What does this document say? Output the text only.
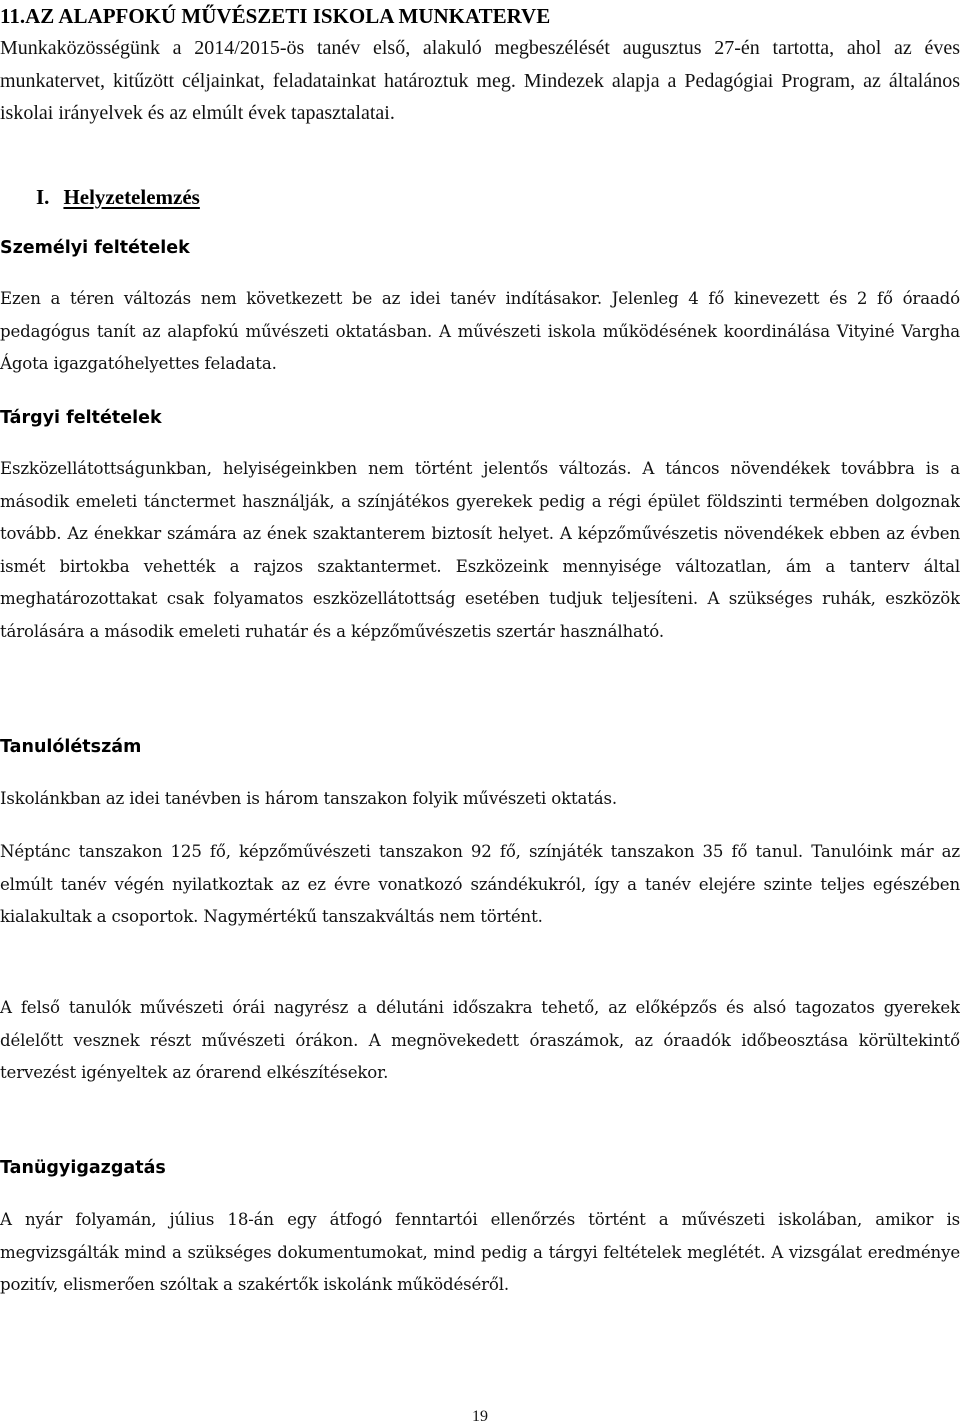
11.AZ ALAPFOKÚ MŰVÉSZETI ISKOLA MUNKATERVE

Munkaközösségünk a 2014/2015-ös tanév első, alakuló megbeszélését augusztus 27-én tartotta, ahol az éves munkatervet, kitűzött céljainkat, feladatainkat határoztuk meg. Mindezek alapja a Pedagógiai Program, az általános iskolai irányelvek és az elmúlt évek tapasztalatai.

I. Helyzetelemzés
Személyi feltételek

Ezen a téren változás nem következett be az idei tanév indításakor. Jelenleg 4 fő kinevezett és 2 fő óraadó pedagógus tanít az alapfokú művészeti oktatásban. A művészeti iskola működésének koordinálása Vityiné Vargha Ágota igazgatóhelyettes feladata.

Tárgyi feltételek

Eszközellátottságunkban, helyiségeinkben nem történt jelentős változás. A táncos növendékek továbbra is a második emeleti tánctermet használják, a színjátékos gyerekek pedig a régi épület földszinti termében dolgoznak tovább. Az énekkar számára az ének szaktanterem biztosít helyet. A képzőművészetis növendékek ebben az évben ismét birtokba vehették a rajzos szaktantermet. Eszközeink mennyisége változatlan, ám a tanterv által meghatározottakat csak folyamatos eszközellátottság esetében tudjuk teljesíteni. A szükséges ruhák, eszközök tárolására a második emeleti ruhatár és a képzőművészetis szertár használható.

Tanulólétszám

Iskolánkban az idei tanévben is három tanszakon folyik művészeti oktatás.

Néptánc tanszakon 125 fő, képzőművészeti tanszakon 92 fő, színjáték tanszakon 35 fő tanul. Tanulóink már az elmúlt tanév végén nyilatkoztak az ez évre vonatkozó szándékukról, így a tanév elejére szinte teljes egészében kialakultak a csoportok. Nagymértékű tanszakváltás nem történt.

A felső tanulók művészeti órái nagyrész a délutáni időszakra tehető, az előképzős és alsó tagozatos gyerekek délelőtt vesznek részt művészeti órákon. A megnövekedett óraszámok, az óraadók időbeosztása körültekintő tervezést igényeltek az órarend elkészítésekor.

Tanügyigazgatás

A nyár folyamán, július 18-án egy átfogó fenntartói ellenőrzés történt a művészeti iskolában, amikor is megvizsgálták mind a szükséges dokumentumokat, mind pedig a tárgyi feltételek meglétét. A vizsgálat eredménye pozitív, elismerően szóltak a szakértők iskolánk működéséről.

19
